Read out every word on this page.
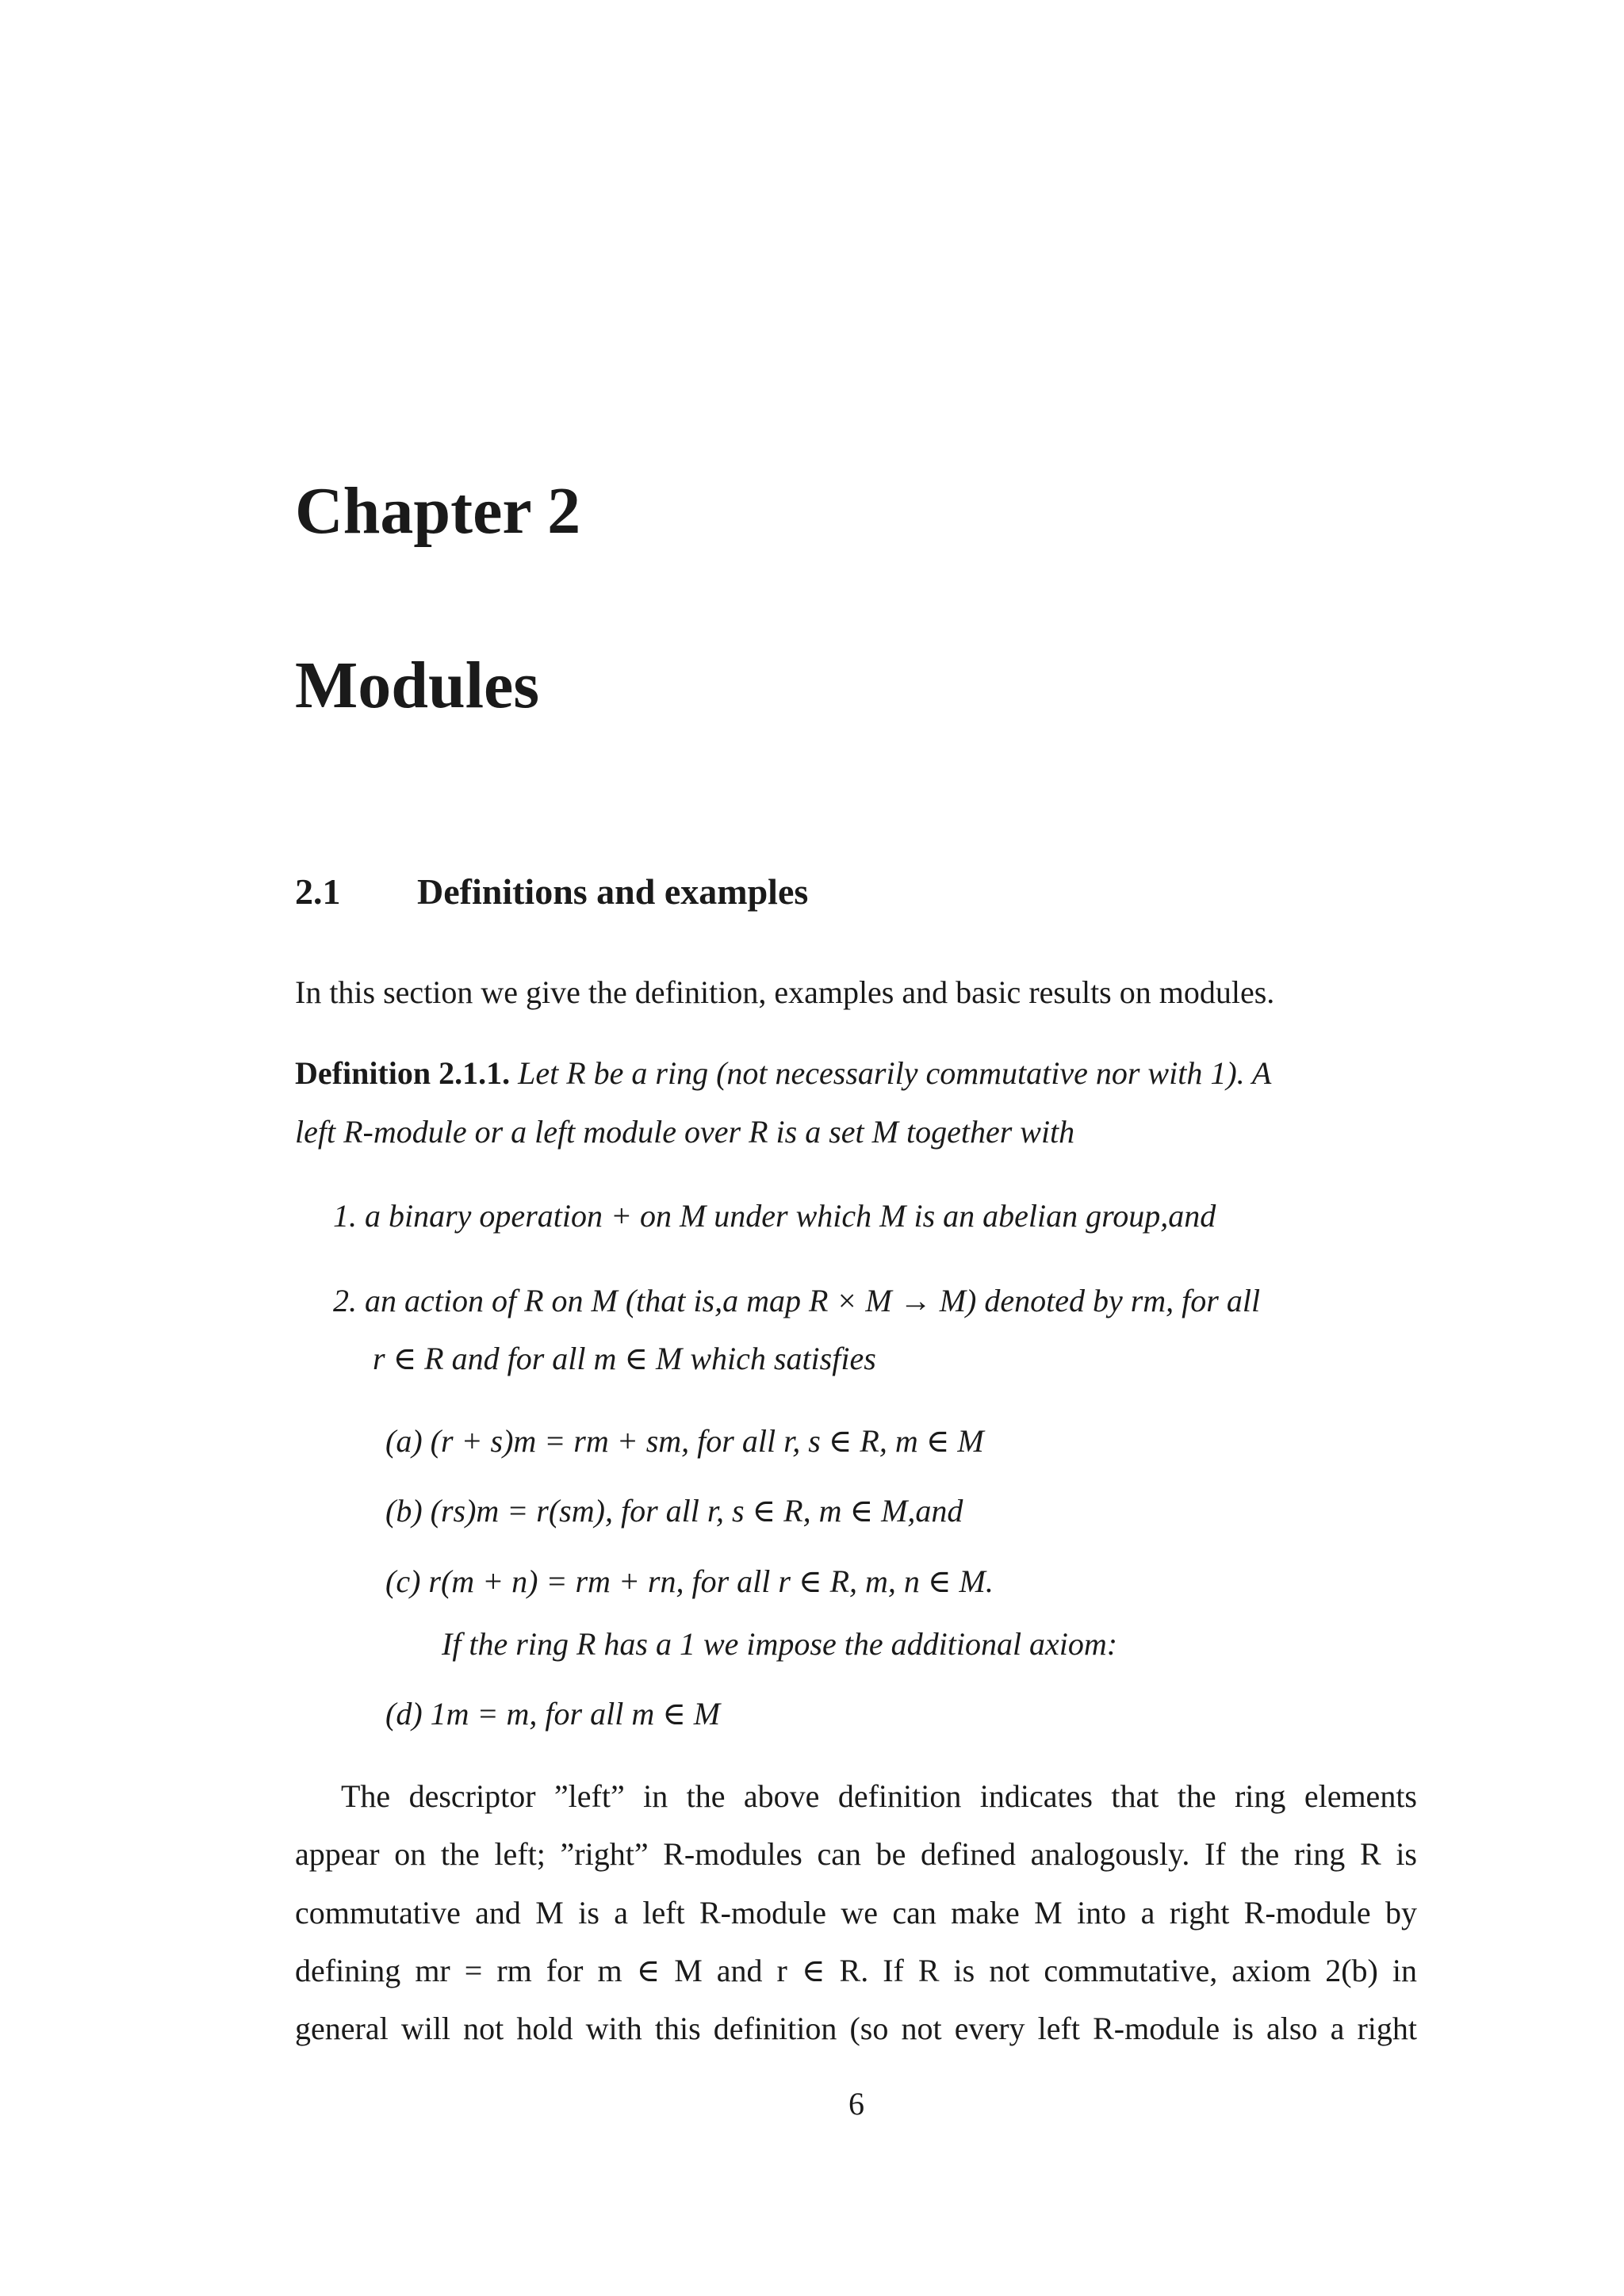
Chapter 2
Modules
2.1 Definitions and examples
In this section we give the definition, examples and basic results on modules.
Definition 2.1.1. Let R be a ring (not necessarily commutative nor with 1). A
left R-module or a left module over R is a set M together with
1. a binary operation + on M under which M is an abelian group,and
2. an action of R on M (that is,a map R × M → M) denoted by rm, for all
r ∈ R and for all m ∈ M which satisfies
(a) (r + s)m = rm + sm, for all r, s ∈ R, m ∈ M
(b) (rs)m = r(sm), for all r, s ∈ R, m ∈ M,and
(c) r(m + n) = rm + rn, for all r ∈ R, m, n ∈ M.
If the ring R has a 1 we impose the additional axiom:
(d) 1m = m, for all m ∈ M
The descriptor ”left” in the above definition indicates that the ring elements
appear on the left; ”right” R-modules can be defined analogously. If the ring R is
commutative and M is a left R-module we can make M into a right R-module by
defining mr = rm for m ∈ M and r ∈ R. If R is not commutative, axiom 2(b) in
general will not hold with this definition (so not every left R-module is also a right
6
